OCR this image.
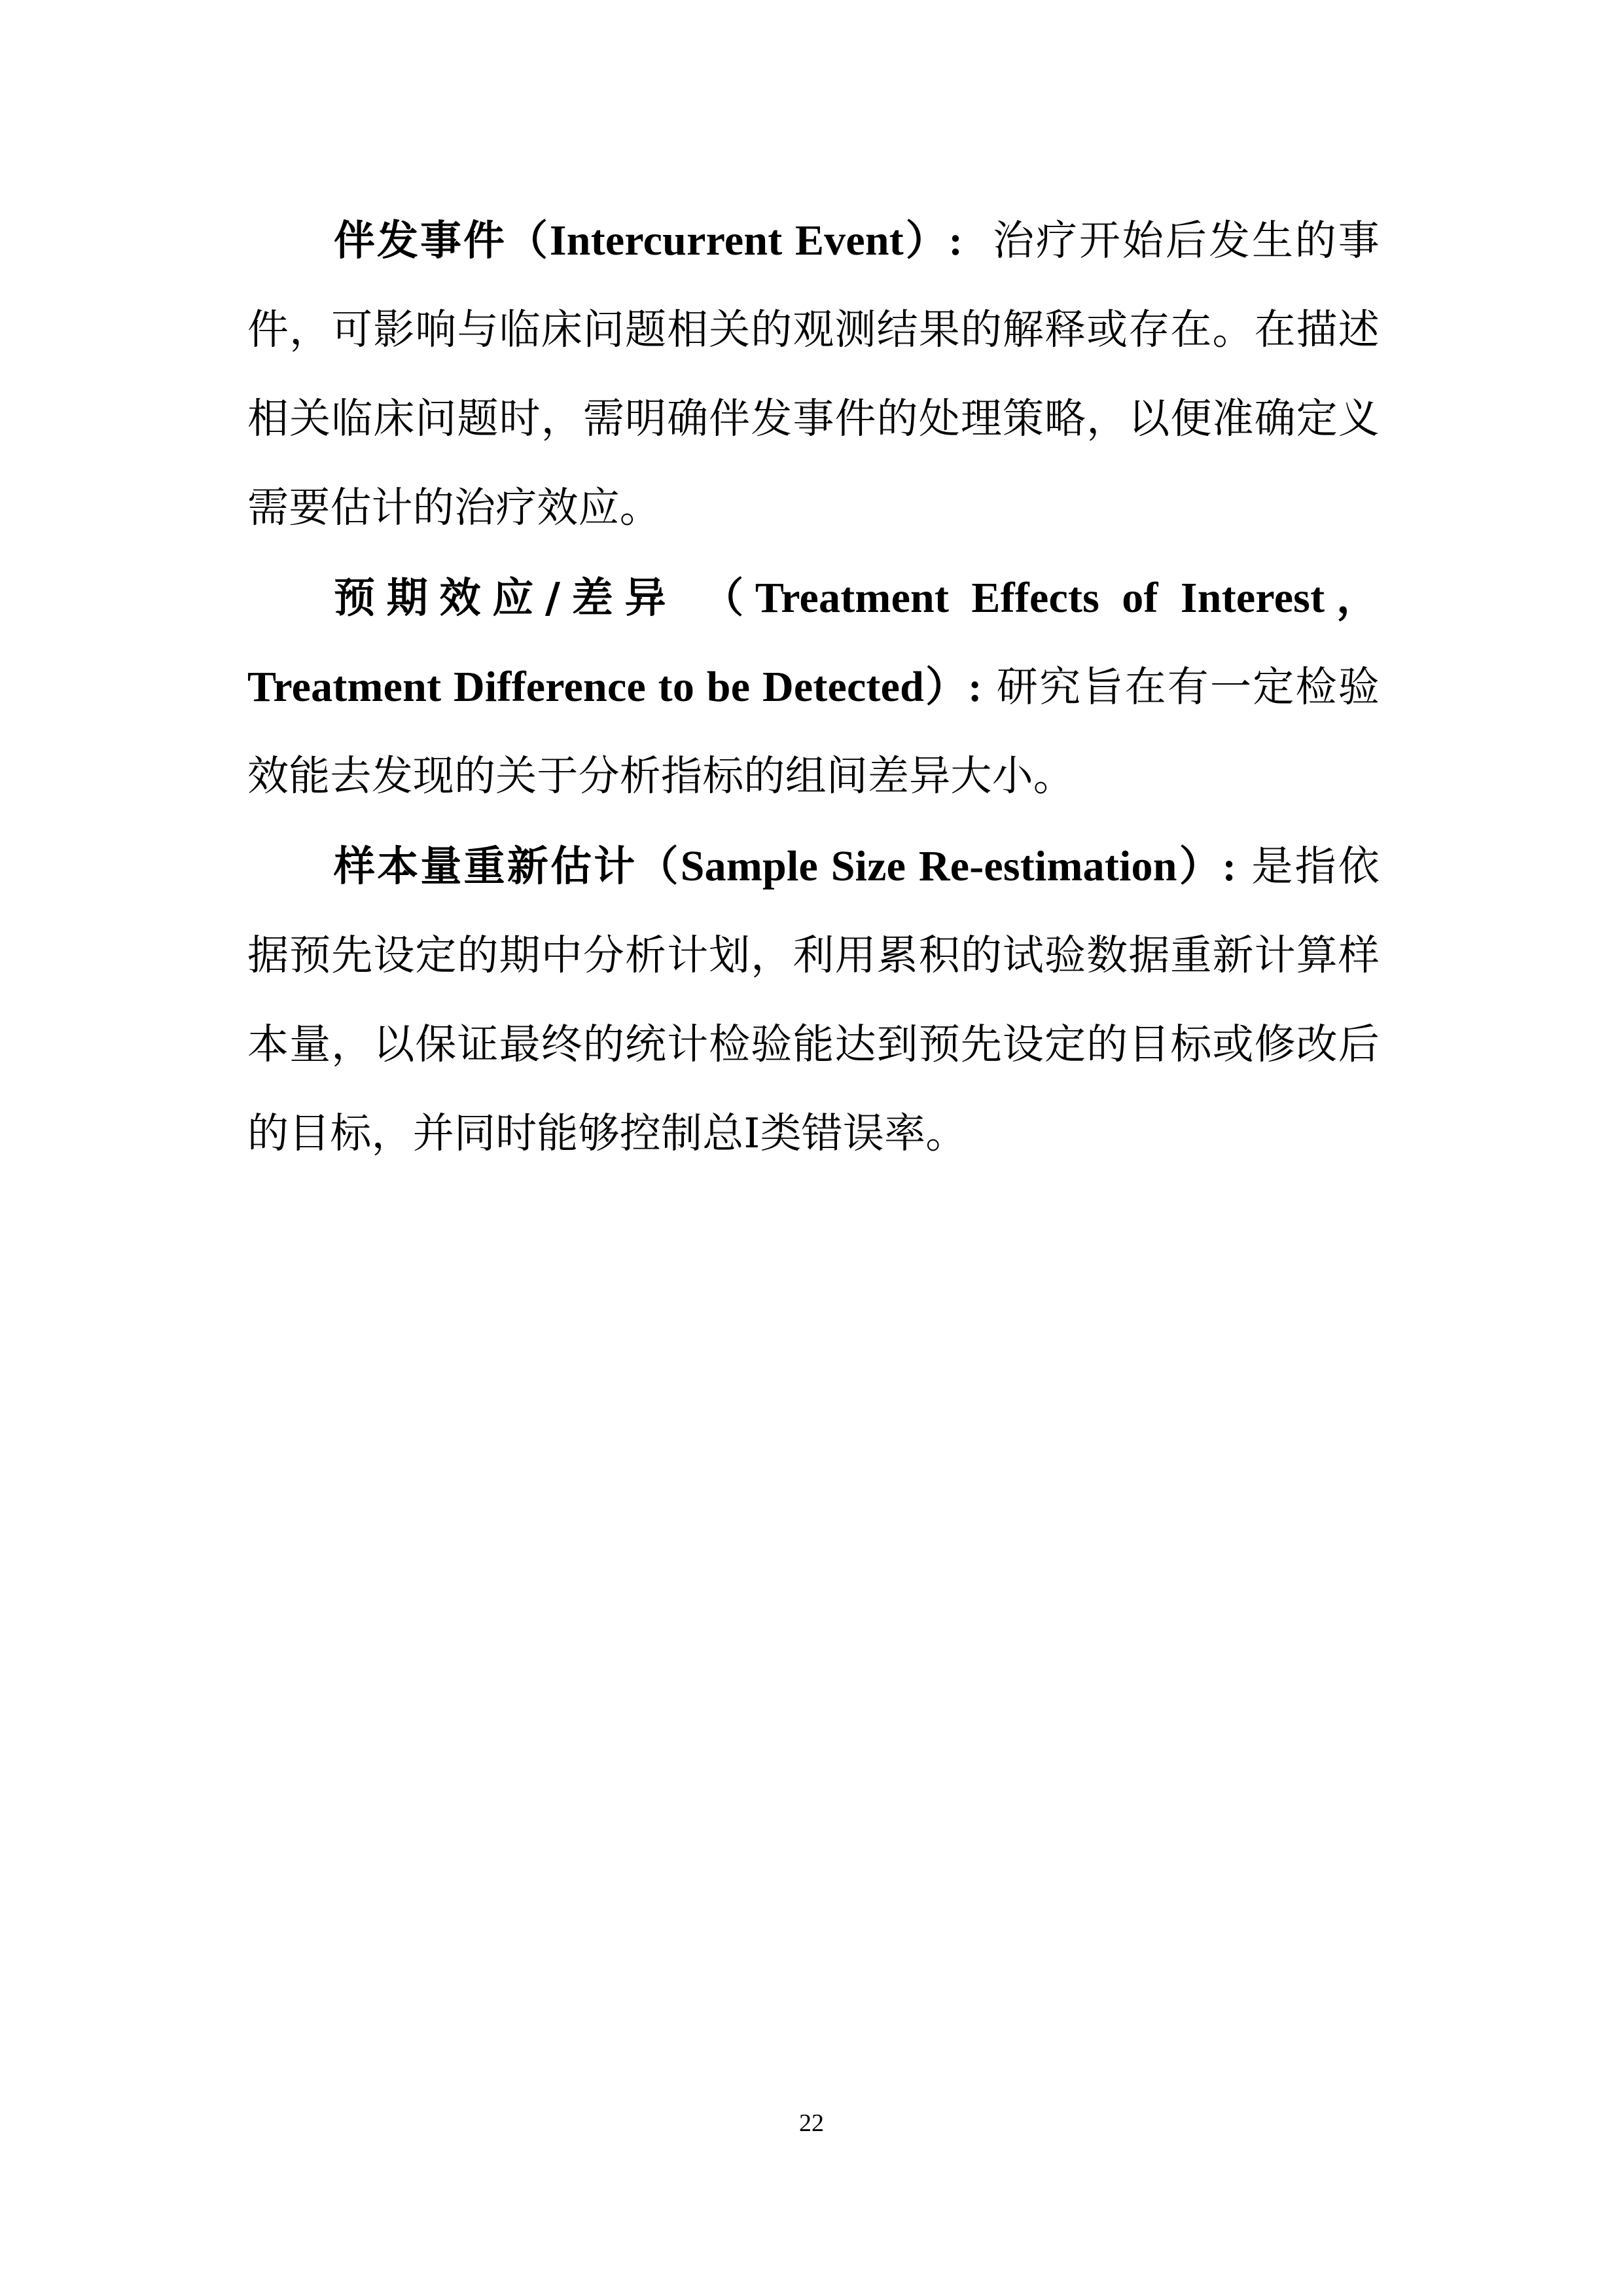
伴发事件（Intercurrent Event）: 治疗开始后发生的事件，可影响与临床问题相关的观测结果的解释或存在。在描述相关临床问题时，需明确伴发事件的处理策略，以便准确定义需要估计的治疗效应。

预期效应/差异 （Treatment Effects of Interest，Treatment Difference to be Detected）: 研究旨在有一定检验效能去发现的关于分析指标的组间差异大小。

样本量重新估计（Sample Size Re-estimation）: 是指依据预先设定的期中分析计划，利用累积的试验数据重新计算样本量，以保证最终的统计检验能达到预先设定的目标或修改后的目标，并同时能够控制总I类错误率。

22
